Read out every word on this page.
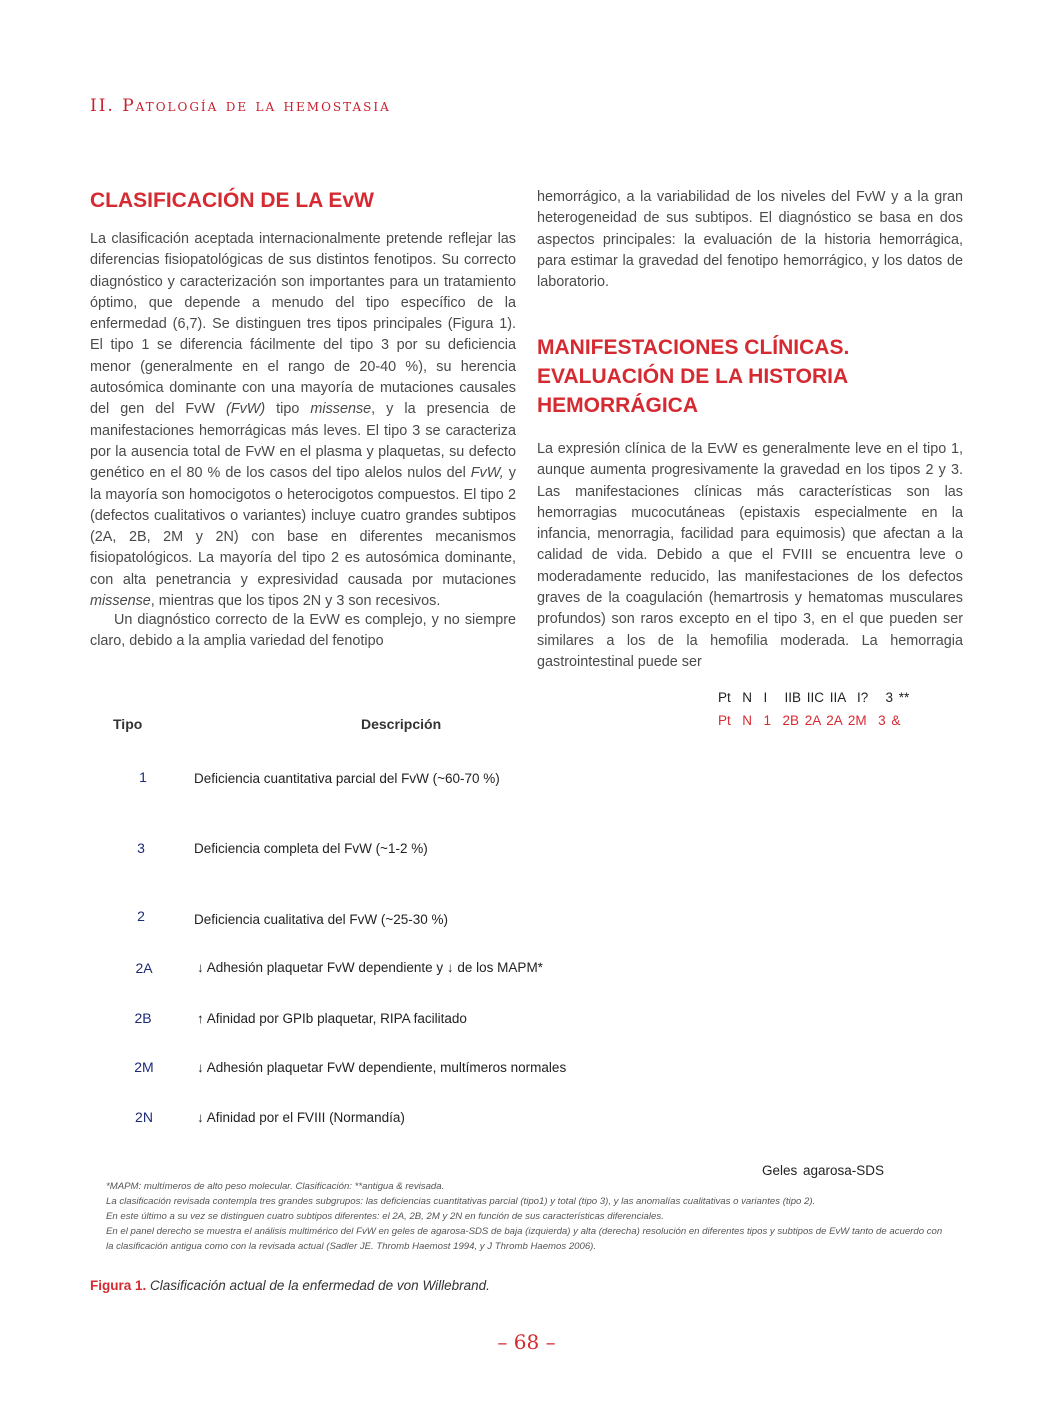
II. Patología de la hemostasia
CLASIFICACIÓN DE LA EvW
La clasificación aceptada internacionalmente pretende reflejar las diferencias fisiopatológicas de sus distintos fenotipos. Su correcto diagnóstico y caracterización son importantes para un tratamiento óptimo, que depende a menudo del tipo específico de la enfermedad (6,7). Se distinguen tres tipos principales (Figura 1). El tipo 1 se diferencia fácilmente del tipo 3 por su deficiencia menor (generalmente en el rango de 20-40 %), su herencia autosómica dominante con una mayoría de mutaciones causales del gen del FvW (FvW) tipo missense, y la presencia de manifestaciones hemorrágicas más leves. El tipo 3 se caracteriza por la ausencia total de FvW en el plasma y plaquetas, su defecto genético en el 80 % de los casos del tipo alelos nulos del FvW, y la mayoría son homocigotos o heterocigotos compuestos. El tipo 2 (defectos cualitativos o variantes) incluye cuatro grandes subtipos (2A, 2B, 2M y 2N) con base en diferentes mecanismos fisiopatológicos. La mayoría del tipo 2 es autosómica dominante, con alta penetrancia y expresividad causada por mutaciones missense, mientras que los tipos 2N y 3 son recesivos.
Un diagnóstico correcto de la EvW es complejo, y no siempre claro, debido a la amplia variedad del fenotipo
hemorrágico, a la variabilidad de los niveles del FvW y a la gran heterogeneidad de sus subtipos. El diagnóstico se basa en dos aspectos principales: la evaluación de la historia hemorrágica, para estimar la gravedad del fenotipo hemorrágico, y los datos de laboratorio.
MANIFESTACIONES CLÍNICAS. EVALUACIÓN DE LA HISTORIA HEMORRÁGICA
La expresión clínica de la EvW es generalmente leve en el tipo 1, aunque aumenta progresivamente la gravedad en los tipos 2 y 3. Las manifestaciones clínicas más características son las hemorragias mucocutáneas (epistaxis especialmente en la infancia, menorragia, facilidad para equimosis) que afectan a la calidad de vida. Debido a que el FVIII se encuentra leve o moderadamente reducido, las manifestaciones de los defectos graves de la coagulación (hemartrosis y hematomas musculares profundos) son raros excepto en el tipo 3, en el que pueden ser similares a los de la hemofilia moderada. La hemorragia gastrointestinal puede ser
Tipo	Descripción
1	Deficiencia cuantitativa parcial del FvW (~60-70 %)
3	Deficiencia completa del FvW (~1-2 %)
2	Deficiencia cualitativa del FvW (~25-30 %)
2A	↓ Adhesión plaquetar FvW dependiente y ↓ de los MAPM*
2B	↑ Afinidad por GPIb plaquetar, RIPA facilitado
2M	↓ Adhesión plaquetar FvW dependiente, multímeros normales
2N	↓ Afinidad por el FVIII (Normandía)
Pt  N  I   IIB IIC IIA  I?   3 **
Pt  N  1  2B 2A 2A 2M  3 &
Geles agarosa-SDS
*MAPM: multímeros de alto peso molecular. Clasificación: **antigua & revisada.
La clasificación revisada contempla tres grandes subgrupos: las deficiencias cuantitativas parcial (tipo1) y total (tipo 3), y las anomalías cualitativas o variantes (tipo 2).
En este último a su vez se distinguen cuatro subtipos diferentes: el 2A, 2B, 2M y 2N en función de sus características diferenciales.
En el panel derecho se muestra el análisis multimérico del FvW en geles de agarosa-SDS de baja (izquierda) y alta (derecha) resolución en diferentes tipos y subtipos de EvW tanto de acuerdo con la clasificación antigua como con la revisada actual (Sadler JE. Thromb Haemost 1994, y J Thromb Haemos 2006).
Figura 1. Clasificación actual de la enfermedad de von Willebrand.
– 68 –
